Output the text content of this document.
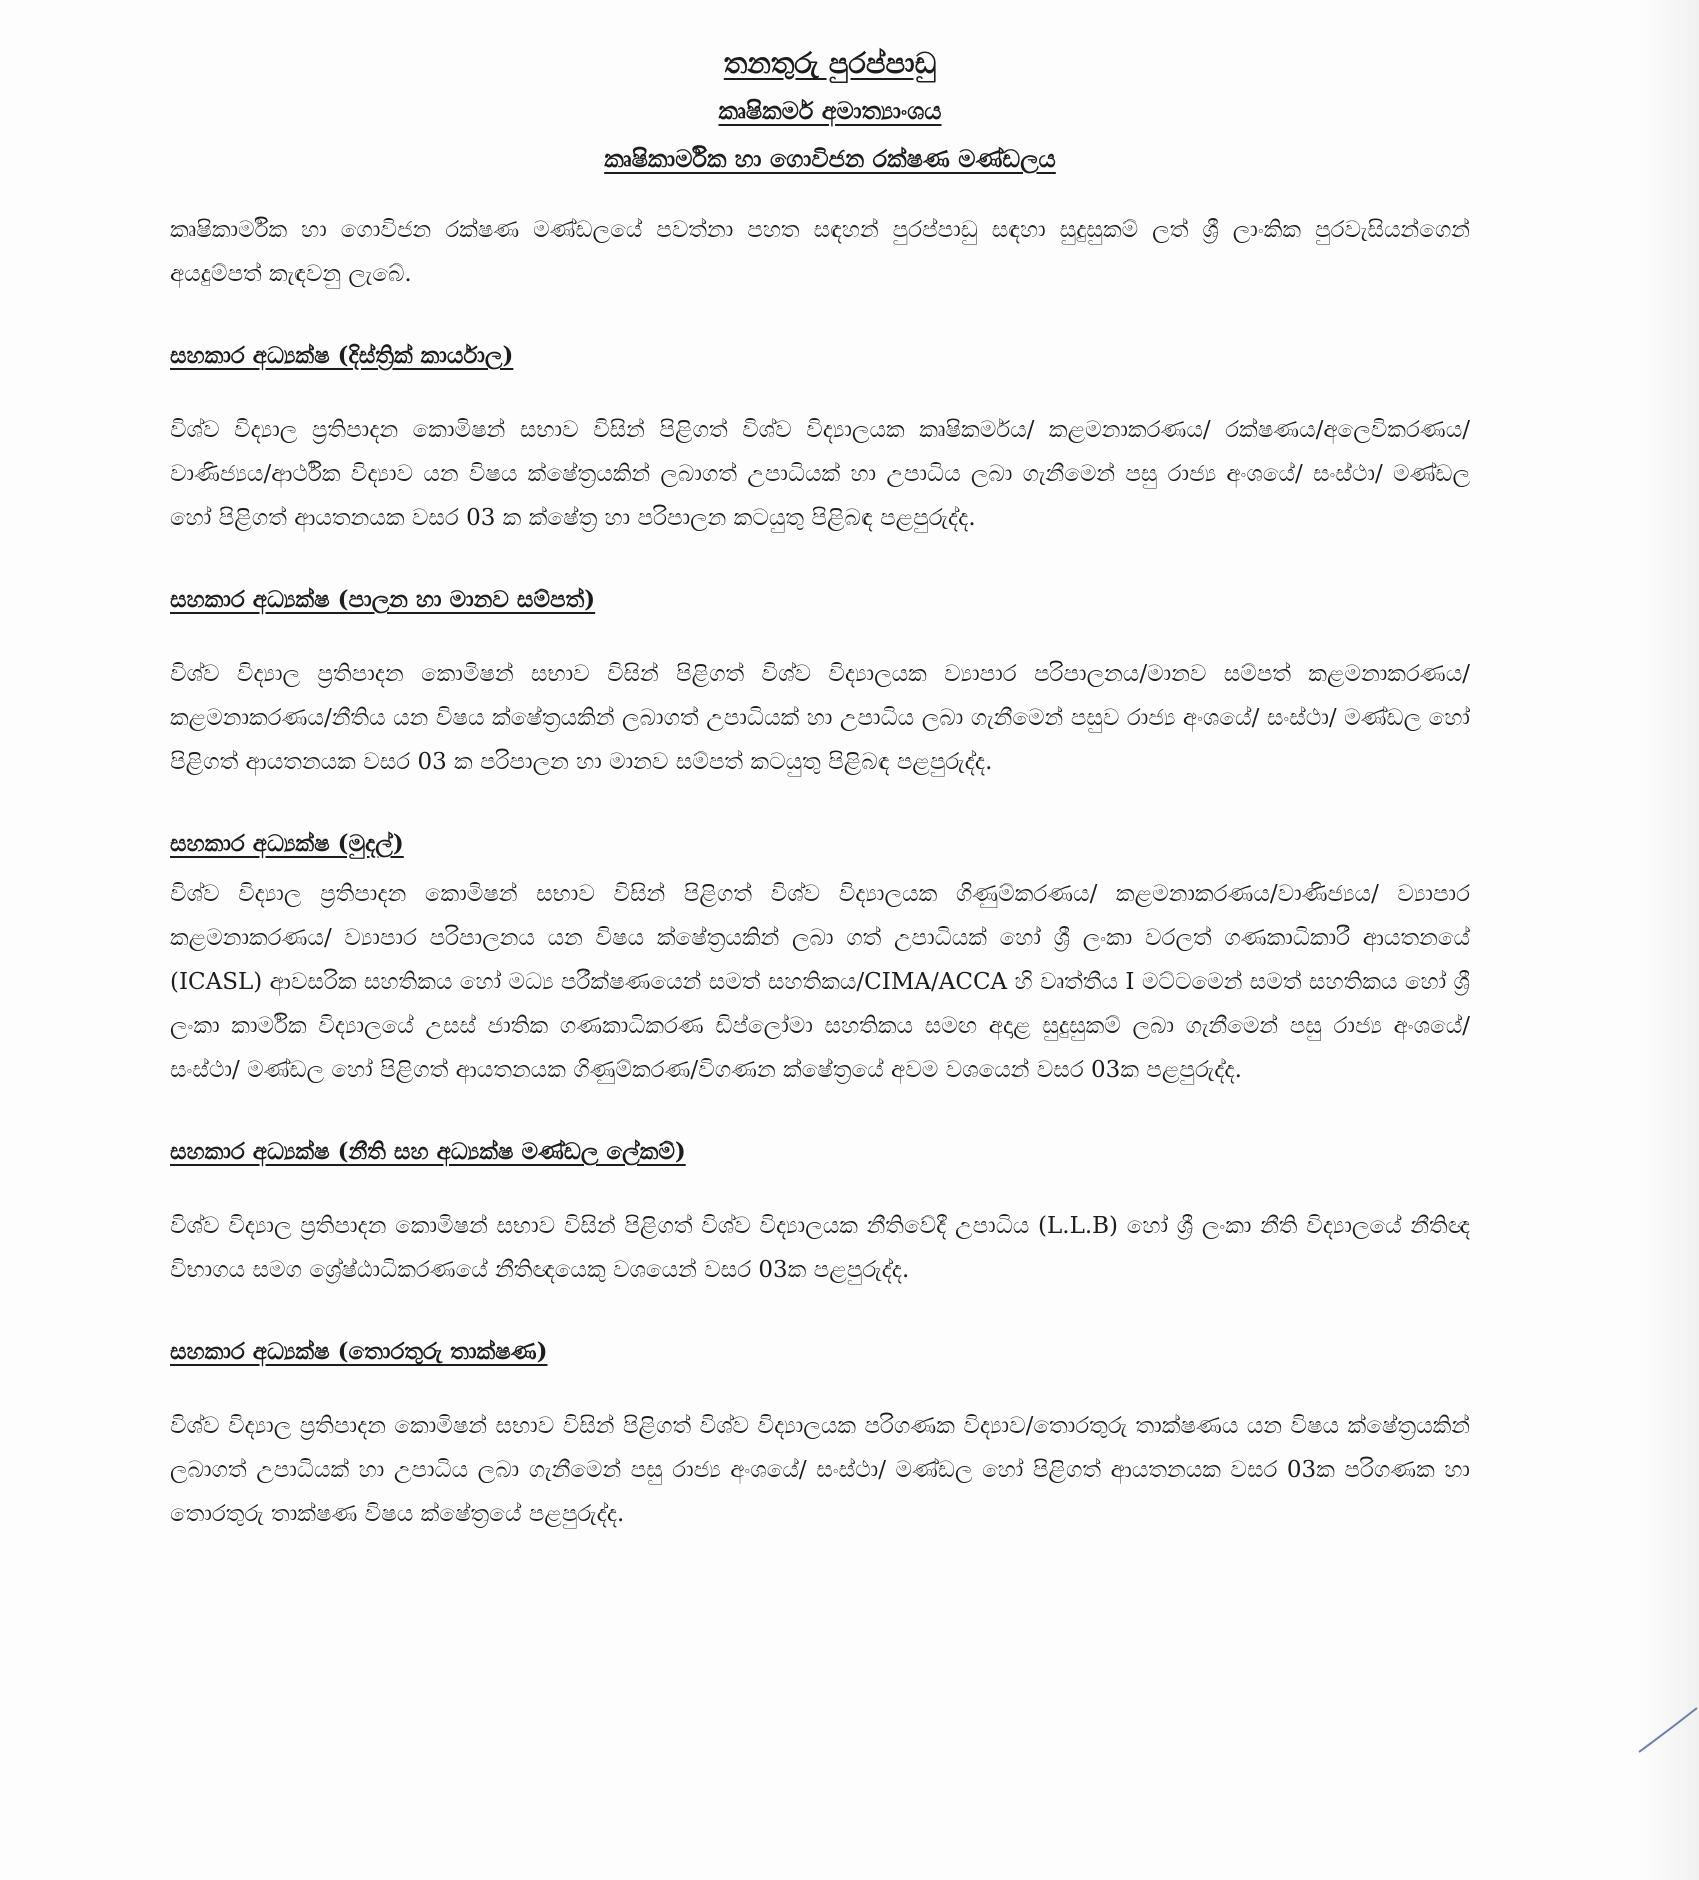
තනතුරු පුරප්පාඩු

කෘෂිකර්ම අමාත්‍යාංශය

කෘෂිකාර්මික හා ගොවිජන රක්ෂණ මණ්ඩලය

කෘෂිකාර්මික හා ගොවිජන රක්ෂණ මණ්ඩලයේ පවත්නා පහත සඳහන් පුරප්පාඩු සඳහා සුදුසුකම් ලත් ශ්‍රී ලාංකික පුරවැසියන්ගෙන් අයදුම්පත් කැඳවනු ලැබේ.

සහකාර අධ්‍යක්ෂ (දිස්ත්‍රික් කාර්යාල)

විශ්ව විද්‍යාල ප්‍රතිපාදන කොමිෂන් සභාව විසින් පිළිගත් විශ්ව විද්‍යාලයක කෘෂිකර්මය/ කළමනාකරණය/ රක්ෂණය/අලෙවිකරණය/වාණිජ්‍යය/ආර්ථික විද්‍යාව යන විෂය ක්ෂේත්‍රයකින් ලබාගත් උපාධියක් හා උපාධිය ලබා ගැනීමෙන් පසු රාජ්‍ය අංශයේ/ සංස්ථා/ මණ්ඩල හෝ පිළිගත් ආයතනයක වසර 03 ක ක්ෂේත්‍ර හා පරිපාලන කටයුතු පිළිබඳ පළපුරුද්ද.

සහකාර අධ්‍යක්ෂ (පාලන හා මානව සම්පත්)

විශ්ව විද්‍යාල ප්‍රතිපාදන කොමිෂන් සභාව විසින් පිළිගත් විශ්ව විද්‍යාලයක ව්‍යාපාර පරිපාලනය/මානව සම්පත් කළමනාකරණය/කළමනාකරණය/නීතිය යන විෂය ක්ෂේත්‍රයකින් ලබාගත් උපාධියක් හා උපාධිය ලබා ගැනීමෙන් පසුව රාජ්‍ය අංශයේ/ සංස්ථා/ මණ්ඩල හෝ පිළිගත් ආයතනයක වසර 03 ක පරිපාලන හා මානව සම්පත් කටයුතු පිළිබඳ පළපුරුද්ද.

සහකාර අධ්‍යක්ෂ (මුදල්)

විශ්ව විද්‍යාල ප්‍රතිපාදන කොමිෂන් සභාව විසින් පිළිගත් විශ්ව විද්‍යාලයක ගිණුම්කරණය/ කළමනාකරණය/වාණිජ්‍යය/ ව්‍යාපාර කළමනාකරණය/ ව්‍යාපාර පරිපාලනය යන විෂය ක්ෂේත්‍රයකින් ලබා ගත් උපාධියක් හෝ ශ්‍රී ලංකා වරලත් ගණකාධිකාරී ආයතනයේ (ICASL) ආවසරික සහතිකය හෝ මධ්‍ය පරීක්ෂණයෙන් සමත් සහතිකය/CIMA/ACCA හි වෘත්තීය I මට්ටමෙන් සමත් සහතිකය හෝ ශ්‍රී ලංකා කාර්මික විද්‍යාලයේ උසස් ජාතික ගණකාධිකරණ ඩිප්ලෝමා සහතිකය සමඟ අදාළ සුදුසුකම් ලබා ගැනීමෙන් පසු රාජ්‍ය අංශයේ/ සංස්ථා/ මණ්ඩල හෝ පිළිගත් ආයතනයක ගිණුම්කරණ/විගණන ක්ෂේත්‍රයේ අවම වශයෙන් වසර 03ක පළපුරුද්ද.

සහකාර අධ්‍යක්ෂ (නීති සහ අධ්‍යක්ෂ මණ්ඩල ලේකම්)

විශ්ව විද්‍යාල ප්‍රතිපාදන කොමිෂන් සභාව විසින් පිළිගත් විශ්ව විද්‍යාලයක නීතිවේදී උපාධිය (L.L.B) හෝ ශ්‍රී ලංකා නීති විද්‍යාලයේ නීතිඥ විභාගය සමග ශ්‍රේෂ්ඨාධිකරණයේ නීතිඥයෙකු වශයෙන් වසර 03ක පළපුරුද්ද.

සහකාර අධ්‍යක්ෂ (තොරතුරු තාක්ෂණ)

විශ්ව විද්‍යාල ප්‍රතිපාදන කොමිෂන් සභාව විසින් පිළිගත් විශ්ව විද්‍යාලයක පරිගණක විද්‍යාව/තොරතුරු තාක්ෂණය යන විෂය ක්ෂේත්‍රයකින් ලබාගත් උපාධියක් හා උපාධිය ලබා ගැනීමෙන් පසු රාජ්‍ය අංශයේ/ සංස්ථා/ මණ්ඩල හෝ පිළිගත් ආයතනයක වසර 03ක පරිගණක හා තොරතුරු තාක්ෂණ විෂය ක්ෂේත්‍රයේ පළපුරුද්ද.
